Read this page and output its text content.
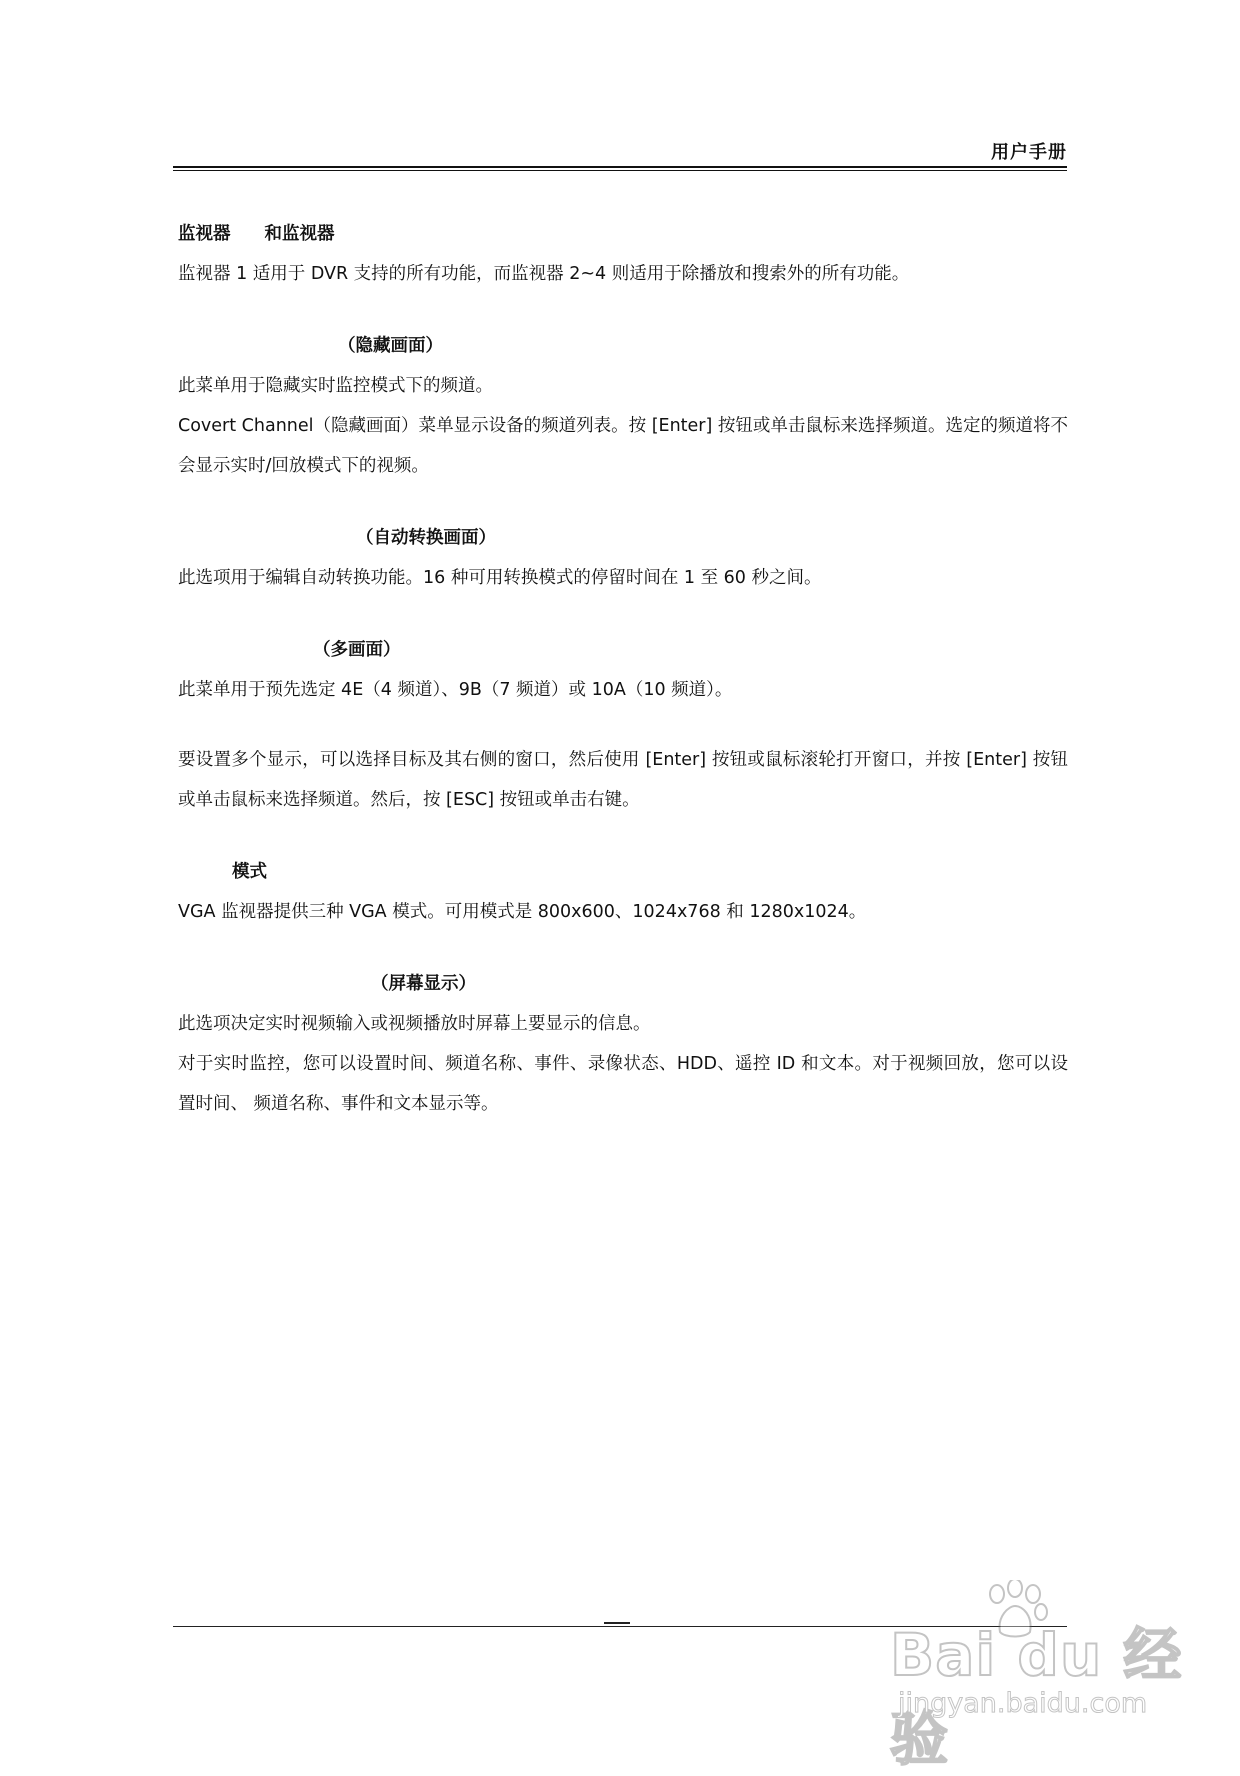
用户手册

监视器 和监视器

监视器 1 适用于 DVR 支持的所有功能，而监视器 2~4 则适用于除播放和搜索外的所有功能。

（隐藏画面）

此菜单用于隐藏实时监控模式下的频道。

Covert Channel（隐藏画面）菜单显示设备的频道列表。按 [Enter] 按钮或单击鼠标来选择频道。选定的频道将不会显示实时/回放模式下的视频。

（自动转换画面）

此选项用于编辑自动转换功能。16 种可用转换模式的停留时间在 1 至 60 秒之间。

（多画面）

此菜单用于预先选定 4E（4 频道）、9B（7 频道）或 10A（10 频道）。

要设置多个显示，可以选择目标及其右侧的窗口，然后使用 [Enter] 按钮或鼠标滚轮打开窗口，并按 [Enter] 按钮或单击鼠标来选择频道。然后，按 [ESC] 按钮或单击右键。

模式

VGA 监视器提供三种 VGA 模式。可用模式是 800x600、1024x768 和 1280x1024。

（屏幕显示）

此选项决定实时视频输入或视频播放时屏幕上要显示的信息。

对于实时监控，您可以设置时间、频道名称、事件、录像状态、HDD、遥控 ID 和文本。对于视频回放，您可以设置时间、 频道名称、事件和文本显示等。

Bai du 经验
jingyan.baidu.com
